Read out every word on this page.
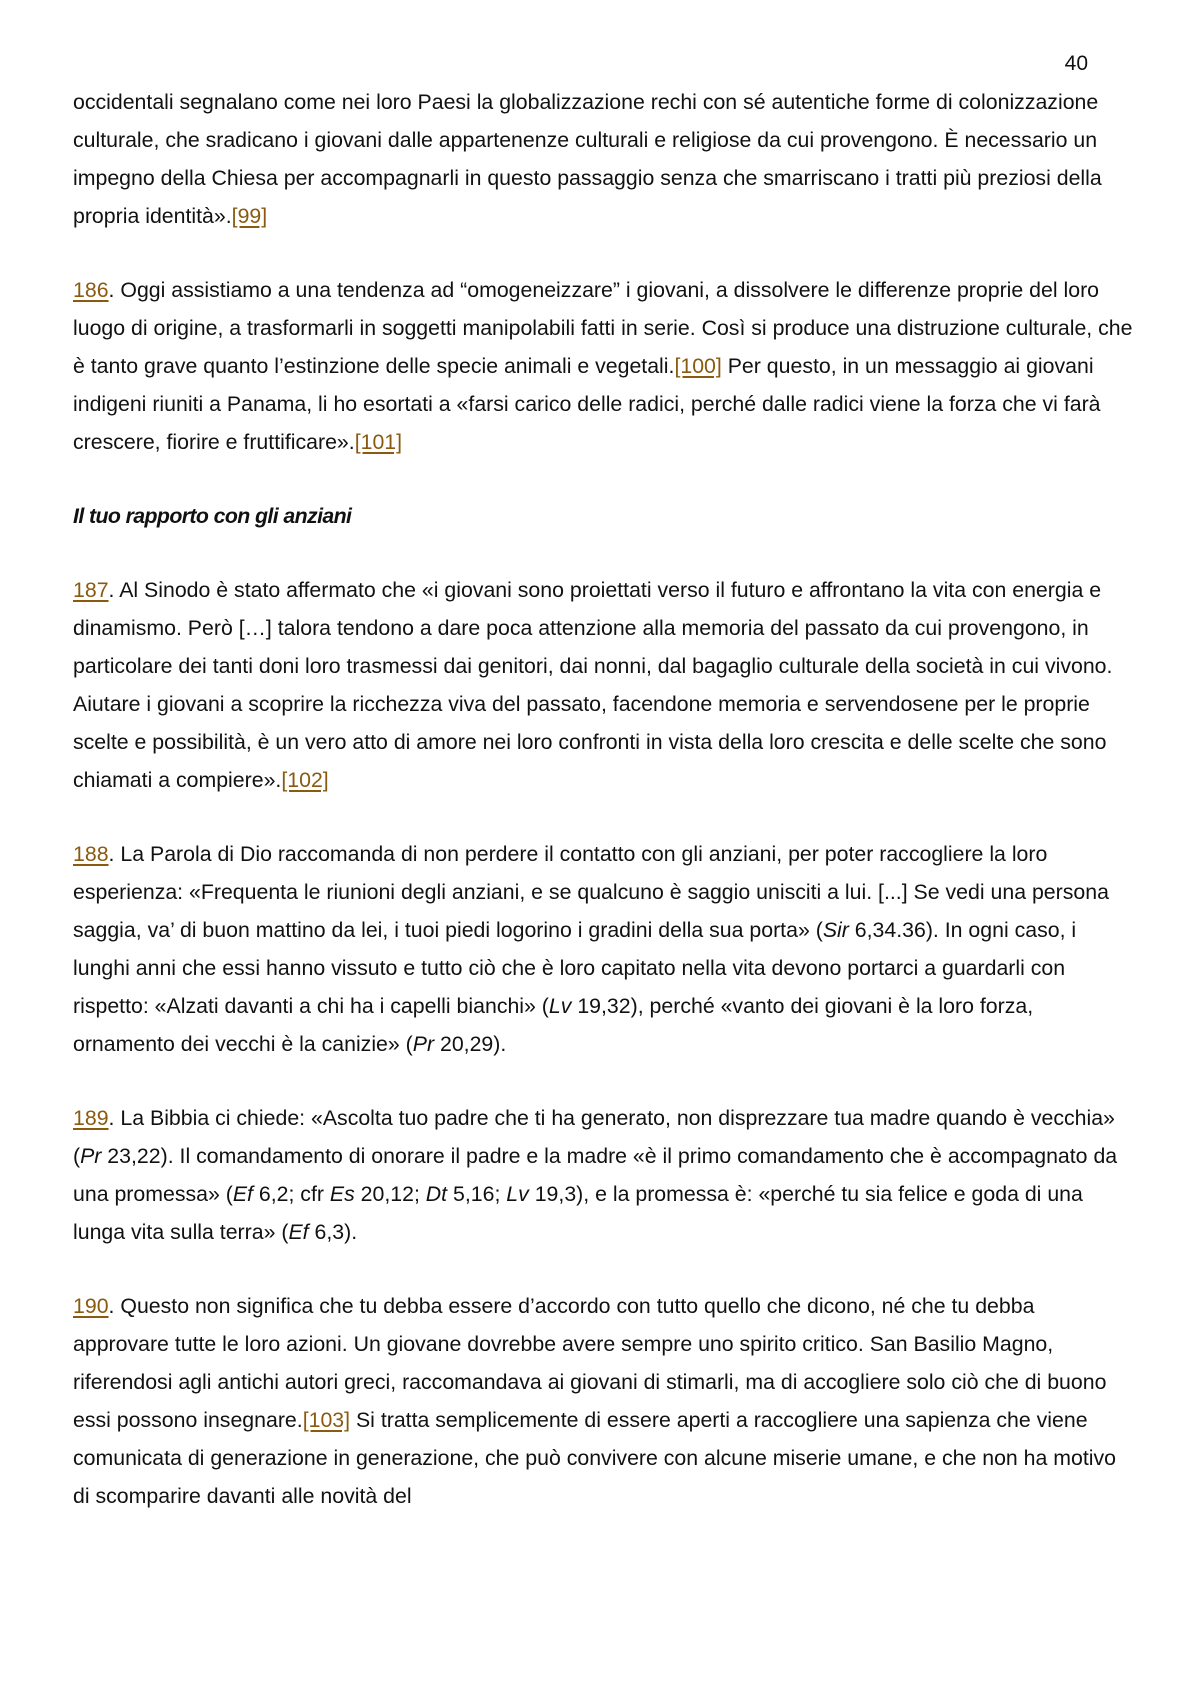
40

occidentali segnalano come nei loro Paesi la globalizzazione rechi con sé autentiche forme di colonizzazione culturale, che sradicano i giovani dalle appartenenze culturali e religiose da cui provengono. È necessario un impegno della Chiesa per accompagnarli in questo passaggio senza che smarriscano i tratti più preziosi della propria identità».[99]

186. Oggi assistiamo a una tendenza ad “omogeneizzare” i giovani, a dissolvere le differenze proprie del loro luogo di origine, a trasformarli in soggetti manipolabili fatti in serie. Così si produce una distruzione culturale, che è tanto grave quanto l’estinzione delle specie animali e vegetali.[100] Per questo, in un messaggio ai giovani indigeni riuniti a Panama, li ho esortati a «farsi carico delle radici, perché dalle radici viene la forza che vi farà crescere, fiorire e fruttificare».[101]

Il tuo rapporto con gli anziani

187. Al Sinodo è stato affermato che «i giovani sono proiettati verso il futuro e affrontano la vita con energia e dinamismo. Però […] talora tendono a dare poca attenzione alla memoria del passato da cui provengono, in particolare dei tanti doni loro trasmessi dai genitori, dai nonni, dal bagaglio culturale della società in cui vivono. Aiutare i giovani a scoprire la ricchezza viva del passato, facendone memoria e servendosene per le proprie scelte e possibilità, è un vero atto di amore nei loro confronti in vista della loro crescita e delle scelte che sono chiamati a compiere».[102]

188. La Parola di Dio raccomanda di non perdere il contatto con gli anziani, per poter raccogliere la loro esperienza: «Frequenta le riunioni degli anziani, e se qualcuno è saggio unisciti a lui. [...] Se vedi una persona saggia, va’ di buon mattino da lei, i tuoi piedi logorino i gradini della sua porta» (Sir 6,34.36). In ogni caso, i lunghi anni che essi hanno vissuto e tutto ciò che è loro capitato nella vita devono portarci a guardarli con rispetto: «Alzati davanti a chi ha i capelli bianchi» (Lv 19,32), perché «vanto dei giovani è la loro forza, ornamento dei vecchi è la canizie» (Pr 20,29).

189. La Bibbia ci chiede: «Ascolta tuo padre che ti ha generato, non disprezzare tua madre quando è vecchia» (Pr 23,22). Il comandamento di onorare il padre e la madre «è il primo comandamento che è accompagnato da una promessa» (Ef 6,2; cfr Es 20,12; Dt 5,16; Lv 19,3), e la promessa è: «perché tu sia felice e goda di una lunga vita sulla terra» (Ef 6,3).

190. Questo non significa che tu debba essere d’accordo con tutto quello che dicono, né che tu debba approvare tutte le loro azioni. Un giovane dovrebbe avere sempre uno spirito critico. San Basilio Magno, riferendosi agli antichi autori greci, raccomandava ai giovani di stimarli, ma di accogliere solo ciò che di buono essi possono insegnare.[103] Si tratta semplicemente di essere aperti a raccogliere una sapienza che viene comunicata di generazione in generazione, che può convivere con alcune miserie umane, e che non ha motivo di scomparire davanti alle novità del
